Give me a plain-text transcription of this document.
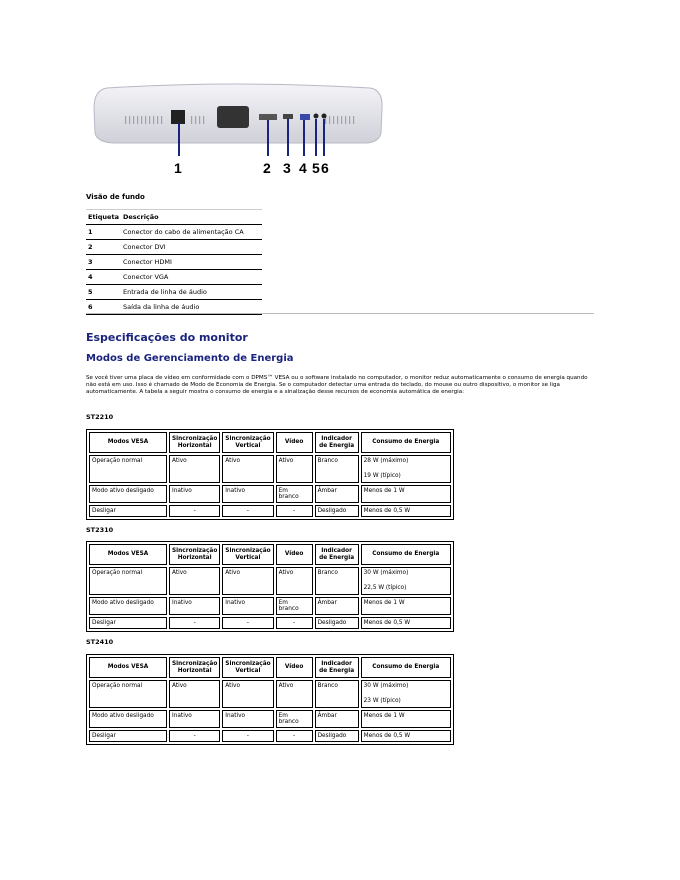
1	2 3 4 5 6
Visão de fundo
Etiqueta	Descrição
1	Conector do cabo de alimentação CA
2	Conector DVI
3	Conector HDMI
4	Conector VGA
5	Entrada de linha de áudio
6	Saída da linha de áudio
Especificações do monitor
Modos de Gerenciamento de Energia
Se você tiver uma placa de vídeo em conformidade com o DPMS™ VESA ou o software instalado no computador, o monitor reduz automaticamente o consumo de energia quando não está em uso. Isso é chamado de Modo de Economia de Energia. Se o computador detectar uma entrada do teclado, do mouse ou outro dispositivo, o monitor se liga automaticamente. A tabela a seguir mostra o consumo de energia e a sinalização desse recursos de economia automática de energia:
ST2210
Modos VESA	Sincronização Horizontal	Sincronização Vertical	Vídeo	Indicador de Energia	Consumo de Energia
Operação normal	Ativo	Ativo	Ativo	Branco	28 W (máximo)
19 W (típico)

Modo ativo desligado	Inativo	Inativo	Em branco	Âmbar	Menos de 1 W
Desligar	-	-	-	Desligado	Menos de 0,5 W
ST2310
Modos VESA	Sincronização Horizontal	Sincronização Vertical	Vídeo	Indicador de Energia	Consumo de Energia
Operação normal	Ativo	Ativo	Ativo	Branco	30 W (máximo)
22,5 W (típico)

Modo ativo desligado	Inativo	Inativo	Em branco	Âmbar	Menos de 1 W
Desligar	-	-	-	Desligado	Menos de 0,5 W
ST2410
Modos VESA	Sincronização Horizontal	Sincronização Vertical	Vídeo	Indicador de Energia	Consumo de Energia
Operação normal	Ativo	Ativo	Ativo	Branco	30 W (máximo)
23 W (típico)

Modo ativo desligado	Inativo	Inativo	Em branco	Âmbar	Menos de 1 W
Desligar	-	-	-	Desligado	Menos de 0,5 W
